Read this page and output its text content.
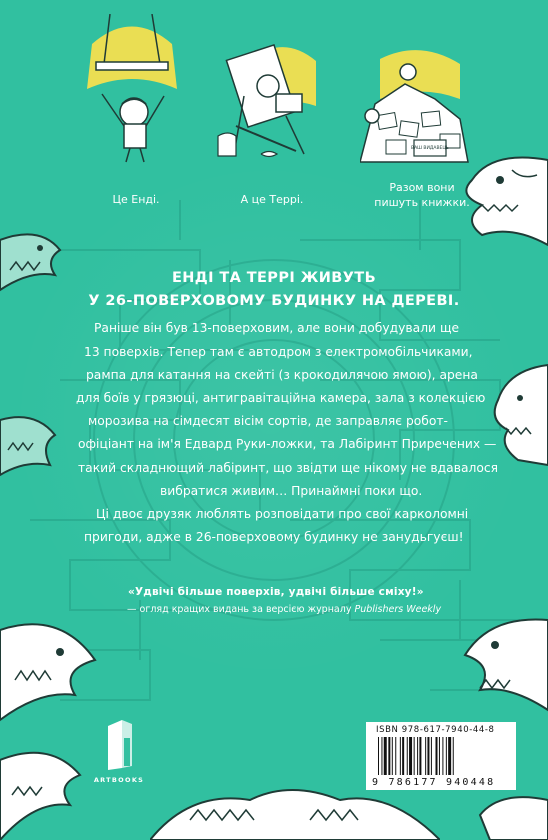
ВАШ ВИДАВЕЦЬ
Це Енді.	А це Террі.
Разом вони
пишуть книжки.
ЕНДІ ТА ТЕРРІ ЖИВУТЬ
У 26-ПОВЕРХОВОМУ БУДИНКУ НА ДЕРЕВІ.
Раніше він був 13-поверховим, але вони добудували ще
13 поверхів. Тепер там є автодром з електромобільчиками,
рампа для катання на скейті (з крокодилячою ямою), арена
для боїв у грязюці, антигравітаційна камера, зала з колекцією
морозива на сімдесят вісім сортів, де заправляє робот-
офіціант на ім'я Едвард Руки-ложки, та Лабіринт Приречених —
такий складнющий лабіринт, що звідти ще нікому не вдавалося
вибратися живим… Принаймні поки що.
Ці двоє друзяк люблять розповідати про свої карколомні
пригоди, адже в 26-поверховому будинку не занудьгуєш!
«Удвічі більше поверхів, удвічі більше сміху!»
— огляд кращих видань за версією журналу Publishers Weekly
ARTBOOKS
ISBN 978-617-7940-44-8
9 786177 940448
